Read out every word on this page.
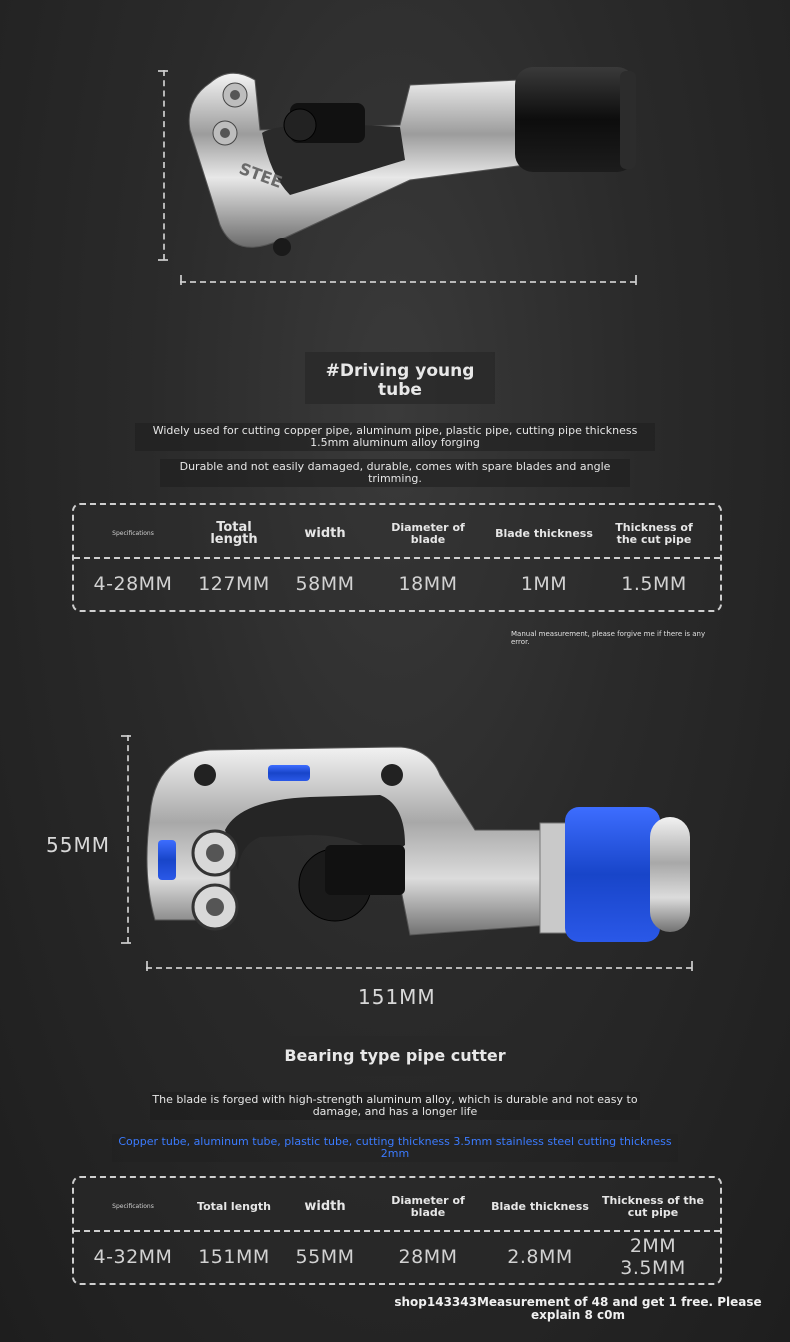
STEE
#Driving young tube
Widely used for cutting copper pipe, aluminum pipe, plastic pipe, cutting pipe thickness 1.5mm aluminum alloy forging
Durable and not easily damaged, durable, comes with spare blades and angle trimming.
Specifications	Total length	width	Diameter of blade	Blade thickness	Thickness of the cut pipe
4-28MM	127MM	58MM	18MM	1MM	1.5MM
Manual measurement, please forgive me if there is any error.
55MM
151MM
Bearing type pipe cutter
The blade is forged with high-strength aluminum alloy, which is durable and not easy to damage, and has a longer life
Copper tube, aluminum tube, plastic tube, cutting thickness 3.5mm stainless steel cutting thickness 2mm
Specifications	Total length	width	Diameter of blade	Blade thickness	Thickness of the cut pipe
4-32MM	151MM	55MM	28MM	2.8MM	2MM 3.5MM
shop143343Measurement of 48 and get 1 free. Please explain 8 c0m
